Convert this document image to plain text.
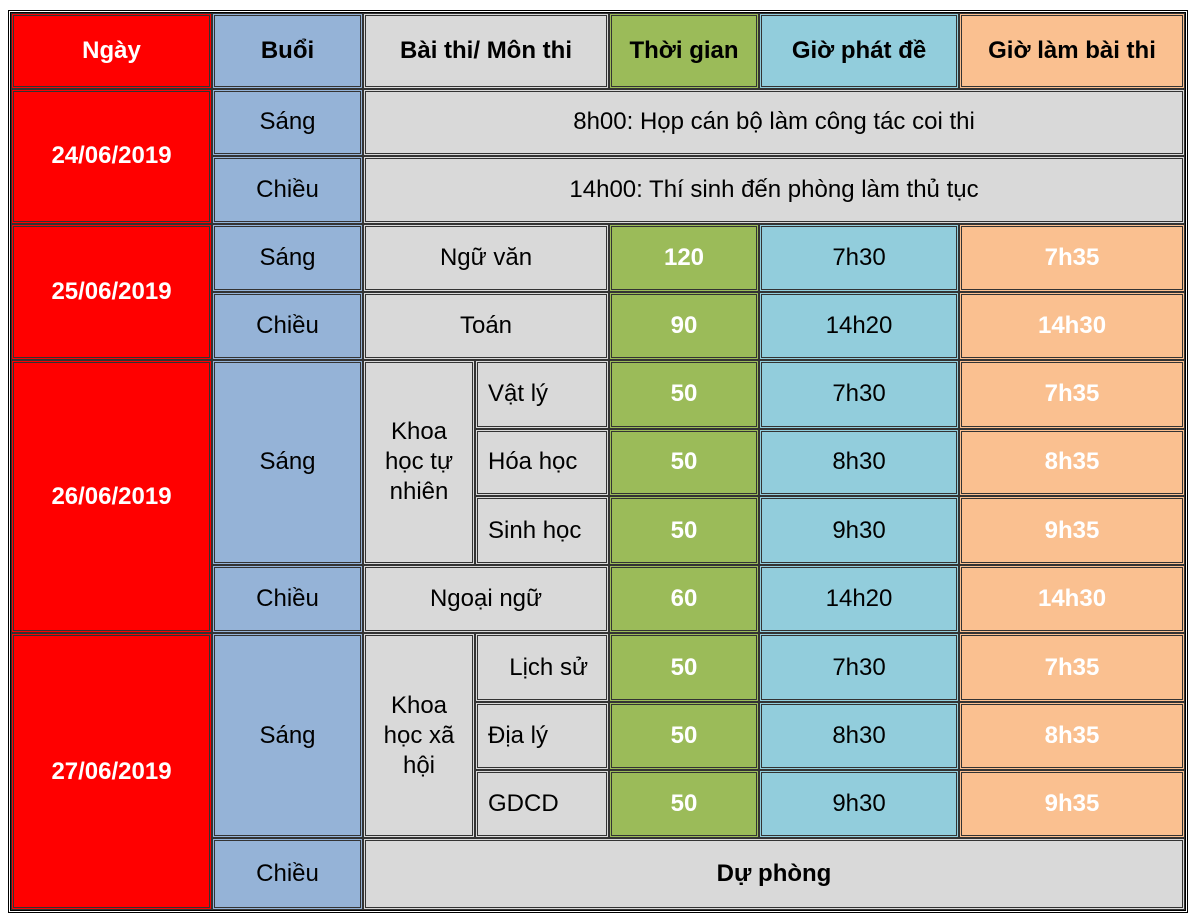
Ngày	Buổi	Bài thi/ Môn thi		Thời gian	Giờ phát đề	Giờ làm bài thi
24/06/2019	Sáng	8h00: Họp cán bộ làm công tác coi thi				
	Chiều	14h00: Thí sinh đến phòng làm thủ tục				
25/06/2019	Sáng	Ngữ văn		120	7h30	7h35
	Chiều	Toán		90	14h20	14h30
26/06/2019	Sáng	Khoa học tự nhiên	Vật lý	50	7h30	7h35
			Hóa học	50	8h30	8h35
			Sinh học	50	9h30	9h35
	Chiều	Ngoại ngữ		60	14h20	14h30
27/06/2019	Sáng	Khoa học xã hội	Lịch sử	50	7h30	7h35
			Địa lý	50	8h30	8h35
			GDCD	50	9h30	9h35
	Chiều	Dự phòng				
